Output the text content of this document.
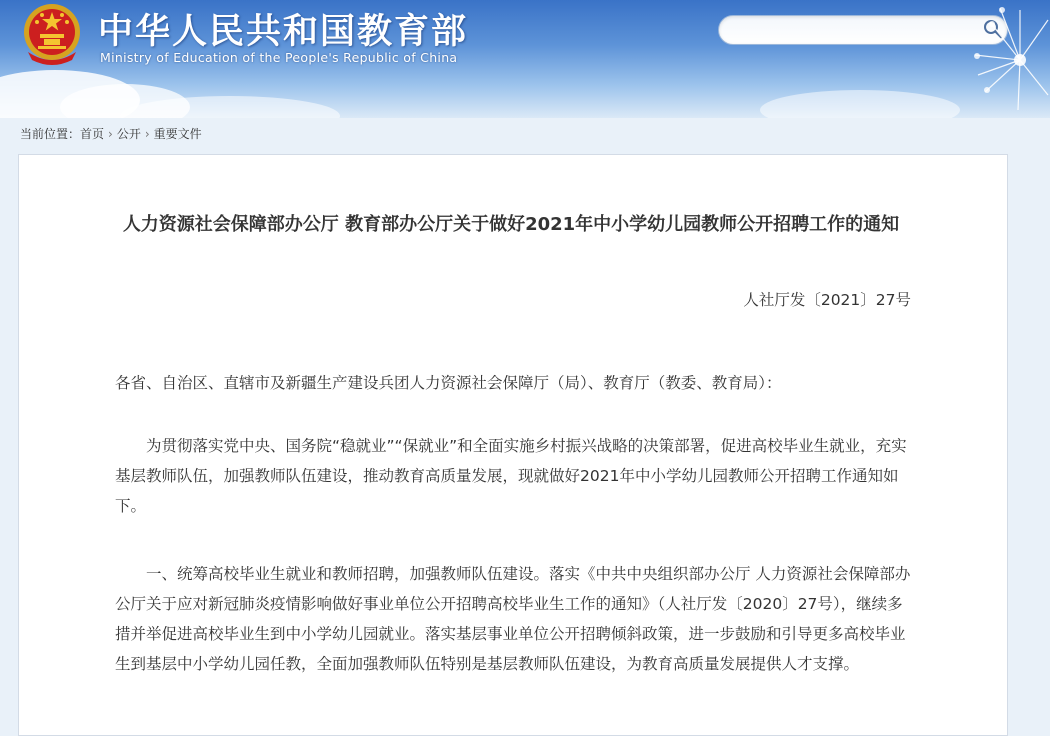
中华人民共和国教育部
Ministry of Education of the People's Republic of China
当前位置：首页 › 公开 › 重要文件
人力资源社会保障部办公厅 教育部办公厅关于做好2021年中小学幼儿园教师公开招聘工作的通知
人社厅发〔2021〕27号
各省、自治区、直辖市及新疆生产建设兵团人力资源社会保障厅（局）、教育厅（教委、教育局）：
为贯彻落实党中央、国务院“稳就业”“保就业”和全面实施乡村振兴战略的决策部署，促进高校毕业生就业，充实基层教师队伍，加强教师队伍建设，推动教育高质量发展，现就做好2021年中小学幼儿园教师公开招聘工作通知如下。
一、统筹高校毕业生就业和教师招聘，加强教师队伍建设。落实《中共中央组织部办公厅 人力资源社会保障部办公厅关于应对新冠肺炎疫情影响做好事业单位公开招聘高校毕业生工作的通知》（人社厅发〔2020〕27号），继续多措并举促进高校毕业生到中小学幼儿园就业。落实基层事业单位公开招聘倾斜政策，进一步鼓励和引导更多高校毕业生到基层中小学幼儿园任教，全面加强教师队伍特别是基层教师队伍建设，为教育高质量发展提供人才支撑。
